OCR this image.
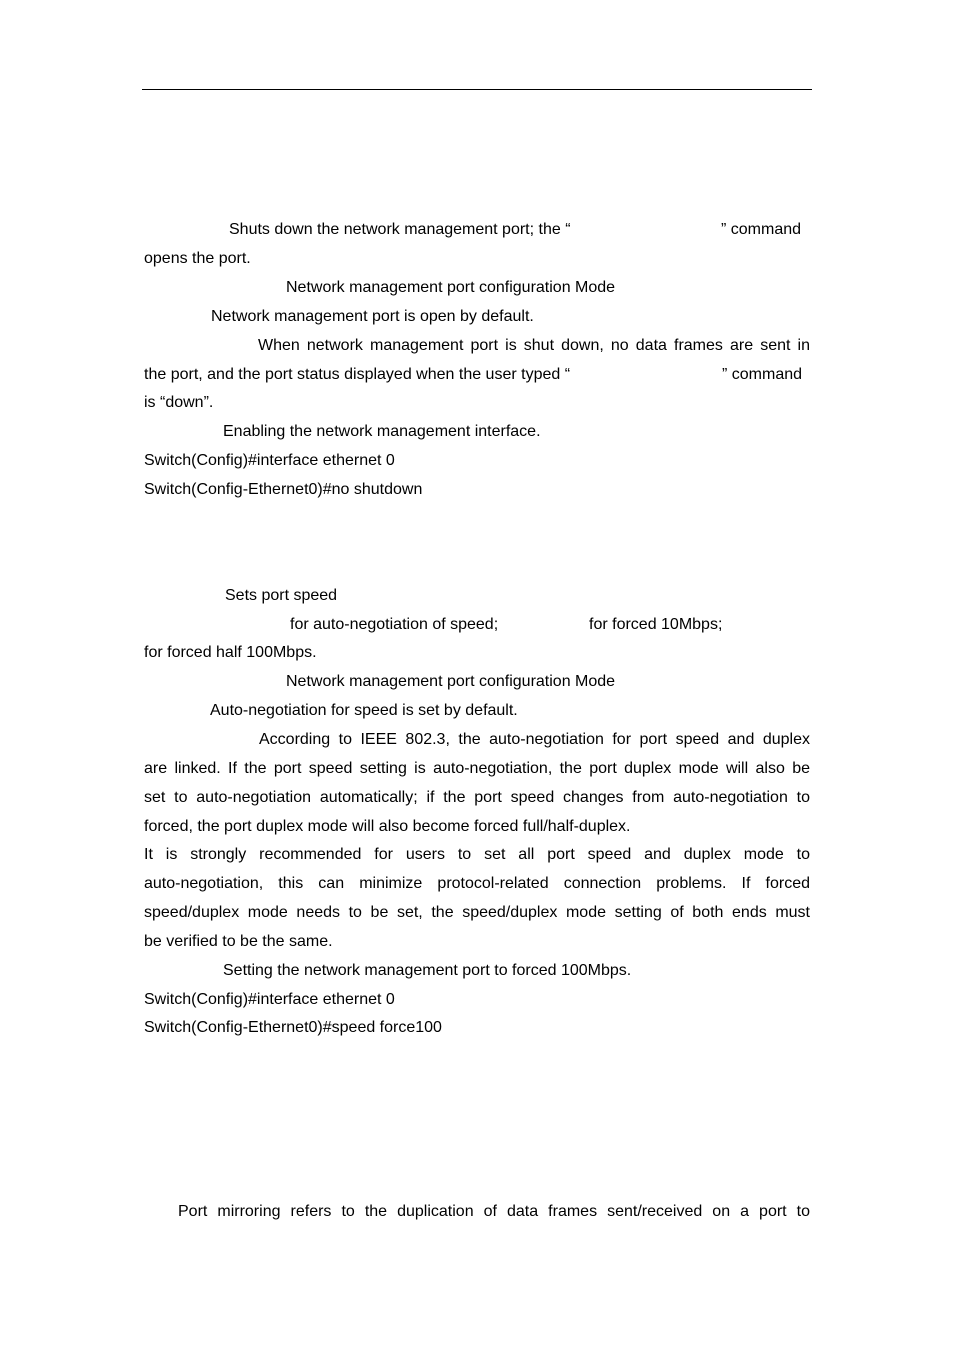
Shuts down the network management port; the “	” command
opens the port.
Network management port configuration Mode
Network management port is open by default.
When network management port is shut down, no data frames are sent in
the port, and the port status displayed when the user typed “	” command
is “down”.
Enabling the network management interface.
Switch(Config)#interface ethernet 0
Switch(Config-Ethernet0)#no shutdown
Sets port speed
for auto-negotiation of speed;	for forced 10Mbps;
for forced half 100Mbps.
Network management port configuration Mode
Auto-negotiation for speed is set by default.
According to IEEE 802.3, the auto-negotiation for port speed and duplex
are linked. If the port speed setting is auto-negotiation, the port duplex mode will also be
set to auto-negotiation automatically; if the port speed changes from auto-negotiation to
forced, the port duplex mode will also become forced full/half-duplex.
It is strongly recommended for users to set all port speed and duplex mode to
auto-negotiation, this can minimize protocol-related connection problems. If forced
speed/duplex mode needs to be set, the speed/duplex mode setting of both ends must
be verified to be the same.
Setting the network management port to forced 100Mbps.
Switch(Config)#interface ethernet 0
Switch(Config-Ethernet0)#speed force100
Port mirroring refers to the duplication of data frames sent/received on a port to
